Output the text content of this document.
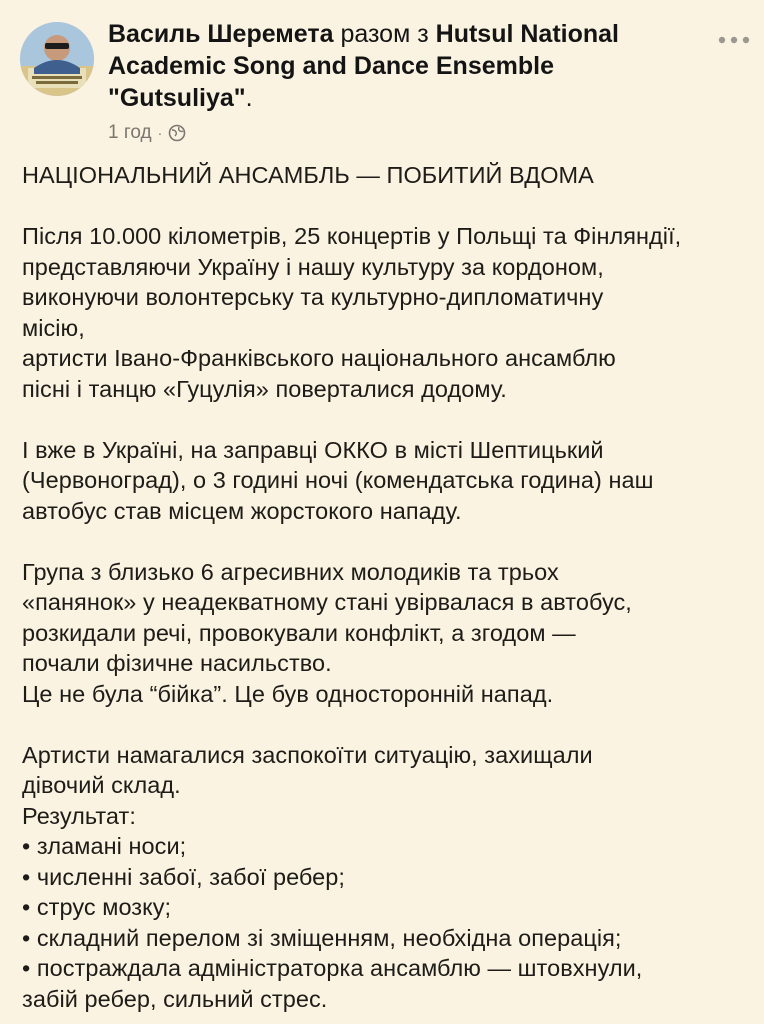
Василь Шеремета разом з Hutsul National
Academic Song and Dance Ensemble
"Gutsuliya".
1 год ·
НАЦІОНАЛЬНИЙ АНСАМБЛЬ — ПОБИТИЙ ВДОМА
Після 10.000 кілометрів, 25 концертів у Польщі та Фінляндії,
представляючи Україну і нашу культуру за кордоном,
виконуючи волонтерську та культурно-дипломатичну
місію,
артисти Івано-Франківського національного ансамблю
пісні і танцю «Гуцулія» поверталися додому.
І вже в Україні, на заправці ОККО в місті Шептицький
(Червоноград), о 3 годині ночі (комендатська година) наш
автобус став місцем жорстокого нападу.
Група з близько 6 агресивних молодиків та трьох
«панянок» у неадекватному стані увірвалася в автобус,
розкидали речі, провокували конфлікт, а згодом —
почали фізичне насильство.
Це не була “бійка”. Це був односторонній напад.
Артисти намагалися заспокоїти ситуацію, захищали
дівочий склад.
Результат:
• зламані носи;
• численні забої, забої ребер;
• струс мозку;
• складний перелом зі зміщенням, необхідна операція;
• постраждала адміністраторка ансамблю — штовхнули,
забій ребер, сильний стрес.
